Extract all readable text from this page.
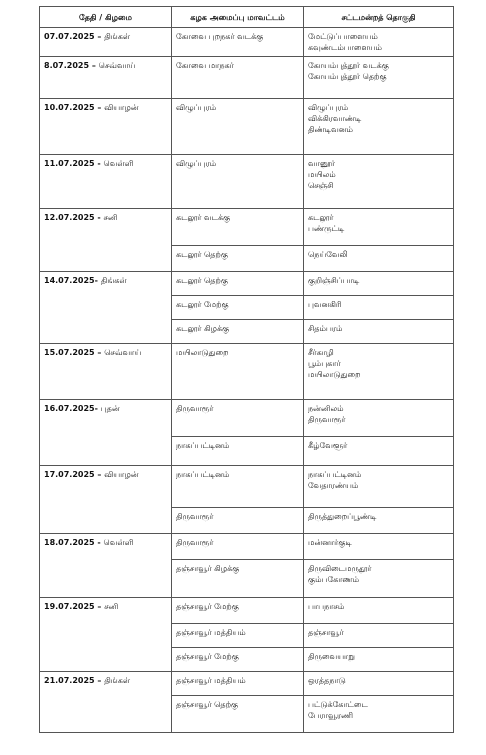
தேதி / கிழமை	கழக அமைப்பு மாவட்டம்	சட்டமன்றத் தொகுதி
07.07.2025 – திங்கள்	கோவை புறநகர் வடக்கு	மேட்டுப்பாளையம்
கவுண்டம்பாளையம்

8.07.2025 – செவ்வாய்	கோவை மாநகர்	கோயம்புத்தூர் வடக்கு
கோயம்புத்தூர் தெற்கு

10.07.2025 – வியாழன்	விழுப்புரம்	விழுப்புரம்
விக்கிரவாண்டி
திண்டிவனம்

11.07.2025 - வெள்ளி	விழுப்புரம்	வானூர்
மயிலம்
செஞ்சி

12.07.2025 - சனி	கடலூர் வடக்கு	கடலூர்
பண்ருட்டி

	கடலூர் தெற்கு	நெய்வேலி

14.07.2025- திங்கள்	கடலூர் தெற்கு	குறிஞ்சிப்பாடி

	கடலூர் மேற்கு	புவனகிரி

	கடலூர் கிழக்கு	சிதம்பரம்

15.07.2025 – செவ்வாய்	மயிலாடுதுறை	சீர்காழி
பூம்புகார்
மயிலாடுதுறை

16.07.2025- புதன்	திருவாரூர்	நன்னிலம்
திருவாரூர்

	நாகப்பட்டினம்	கீழ்வேளூர்

17.07.2025 – வியாழன்	நாகப்பட்டினம்	நாகப்பட்டினம்
வேதாரண்யம்

	திருவாரூர்	திருத்துறைப்பூண்டி

18.07.2025 - வெள்ளி	திருவாரூர்	மன்னார்குடி

	தஞ்சாவூர் கிழக்கு	திருவிடைமருதூர்
கும்பகோணம்

19.07.2025 – சனி	தஞ்சாவூர் மேற்கு	பாபநாசம்

	தஞ்சாவூர் மத்தியம்	தஞ்சாவூர்

	தஞ்சாவூர் மேற்கு	திருவையாறு

21.07.2025 – திங்கள்	தஞ்சாவூர் மத்தியம்	ஒரத்தநாடு

	தஞ்சாவூர் தெற்கு	பட்டுக்கோட்டை
பேராவூரணி
